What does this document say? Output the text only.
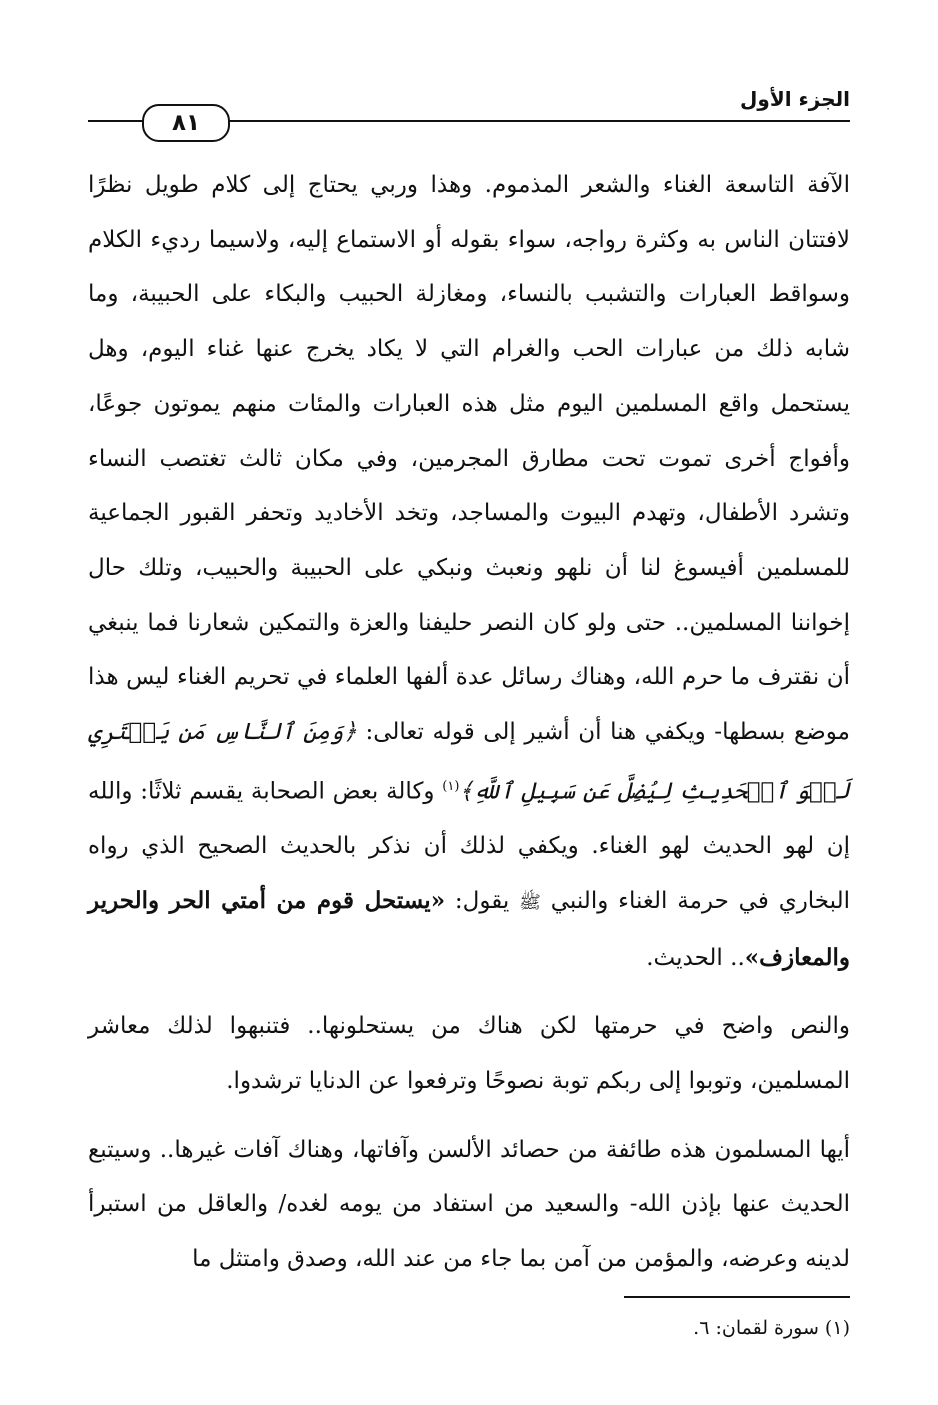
الجزء الأول
٨١

الآفة التاسعة الغناء والشعر المذموم. وهذا وربي يحتاج إلى كلام طويل نظرًا لافتتان الناس به وكثرة رواجه، سواء بقوله أو الاستماع إليه، ولاسيما رديء الكلام وسواقط العبارات والتشبب بالنساء، ومغازلة الحبيب والبكاء على الحبيبة، وما شابه ذلك من عبارات الحب والغرام التي لا يكاد يخرج عنها غناء اليوم، وهل يستحمل واقع المسلمين اليوم مثل هذه العبارات والمئات منهم يموتون جوعًا، وأفواج أخرى تموت تحت مطارق المجرمين، وفي مكان ثالث تغتصب النساء وتشرد الأطفال، وتهدم البيوت والمساجد، وتخد الأخاديد وتحفر القبور الجماعية للمسلمين أفيسوغ لنا أن نلهو ونعبث ونبكي على الحبيبة والحبيب، وتلك حال إخواننا المسلمين.. حتى ولو كان النصر حليفنا والعزة والتمكين شعارنا فما ينبغي أن نقترف ما حرم الله، وهناك رسائل عدة ألفها العلماء في تحريم الغناء ليس هذا موضع بسطها- ويكفي هنا أن أشير إلى قوله تعالى: ﴿وَمِنَ ٱلنَّاسِ مَن يَشۡتَرِي لَهۡوَ ٱلۡحَدِيثِ لِيُضِلَّ عَن سَبِيلِ ٱللَّهِ﴾$^{(١)}$ وكالة بعض الصحابة يقسم ثلاثًا: والله إن لهو الحديث لهو الغناء. ويكفي لذلك أن نذكر بالحديث الصحيح الذي رواه البخاري في حرمة الغناء والنبي ﷺ يقول: «يستحل قوم من أمتي الحر والحرير والمعازف».. الحديث.

والنص واضح في حرمتها لكن هناك من يستحلونها.. فتنبهوا لذلك معاشر المسلمين، وتوبوا إلى ربكم توبة نصوحًا وترفعوا عن الدنايا ترشدوا.

أيها المسلمون هذه طائفة من حصائد الألسن وآفاتها، وهناك آفات غيرها.. وسيتبع الحديث عنها بإذن الله- والسعيد من استفاد من يومه لغده/ والعاقل من استبرأ لدينه وعرضه، والمؤمن من آمن بما جاء من عند الله، وصدق وامتثل ما

(١) سورة لقمان: ٦.
